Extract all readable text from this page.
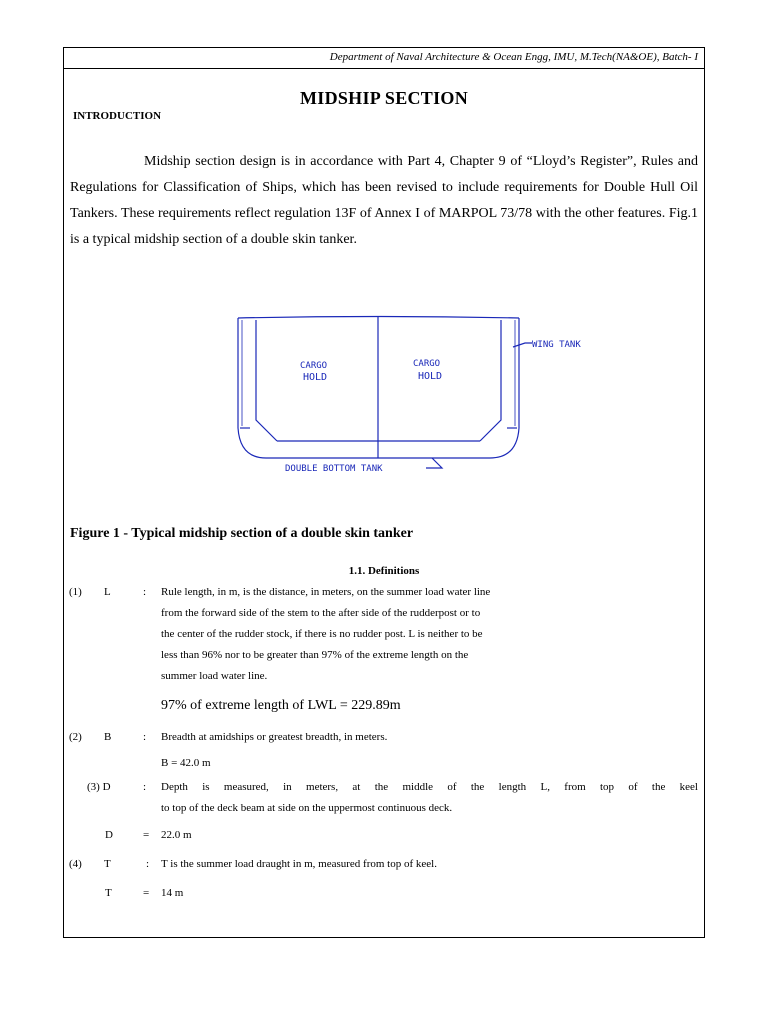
Department of Naval Architecture & Ocean Engg, IMU, M.Tech(NA&OE), Batch- I
MIDSHIP SECTION
INTRODUCTION
Midship section design is in accordance with Part 4, Chapter 9 of “Lloyd’s Register”, Rules and Regulations for Classification of Ships, which has been revised to include requirements for Double Hull Oil Tankers. These requirements reflect regulation 13F of Annex I of MARPOL 73/78 with the other features. Fig.1 is a typical midship section of a double skin tanker.
CARGO
HOLD
CARGO
HOLD
WING TANK
DOUBLE BOTTOM TANK
Figure 1 - Typical midship section of a double skin tanker
1.1. Definitions
(1) L	: Rule length, in m, is the distance, in meters, on the summer load water line
from the forward side of the stem to the after side of the rudderpost or to
the center of the rudder stock, if there is no rudder post. L is neither to be
less than 96% nor to be greater than 97% of the extreme length on the
summer load water line.
97% of extreme length of LWL = 229.89m
(2) B	: Breadth at amidships or greatest breadth, in meters.
B = 42.0 m
(3) D	: Depth is measured, in meters, at the middle of the length L, from top of the keel
to top of the deck beam at side on the uppermost continuous deck.
D	= 22.0 m
(4) T	: T is the summer load draught in m, measured from top of keel.
T	= 14 m
